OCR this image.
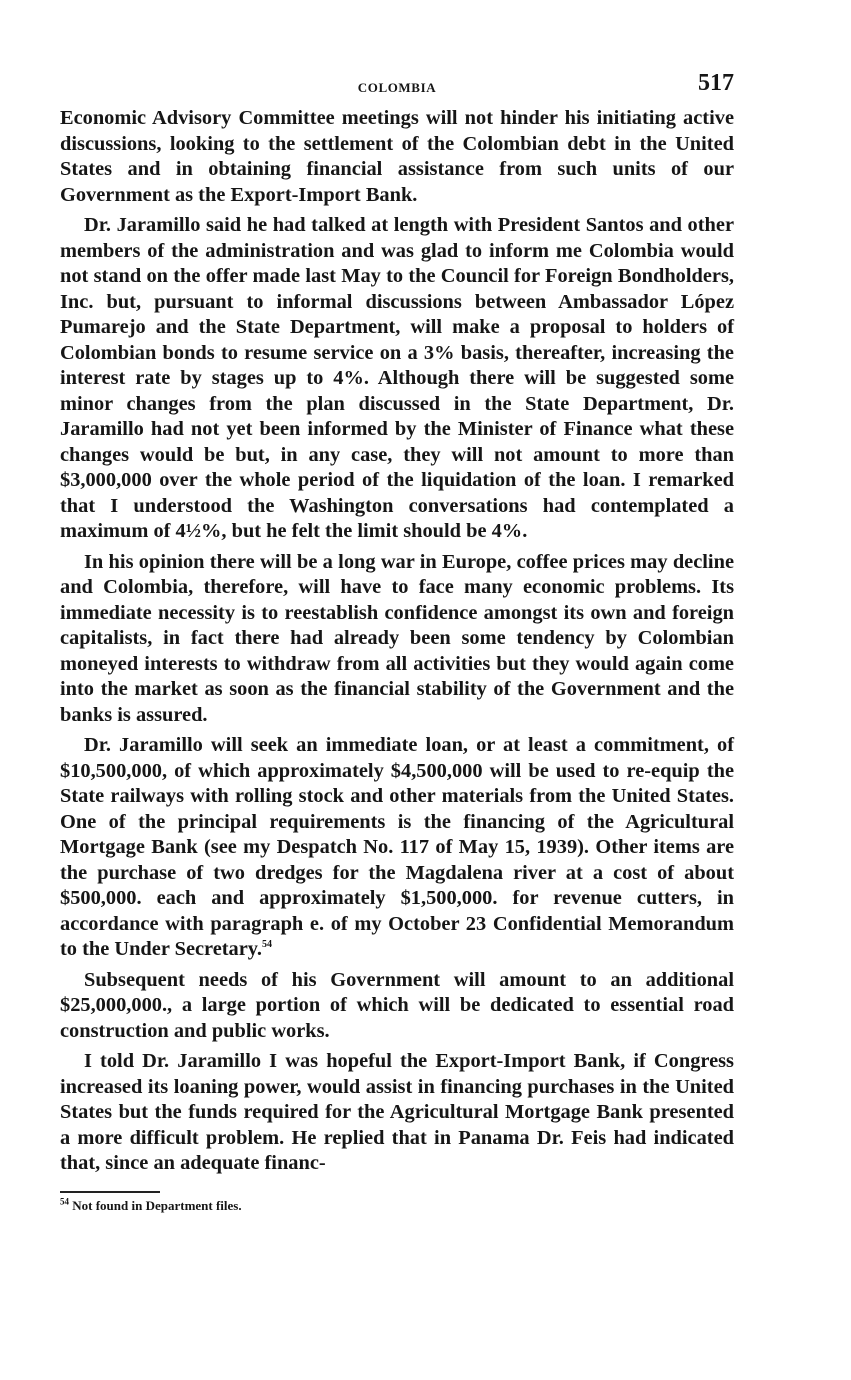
COLOMBIA	517

Economic Advisory Committee meetings will not hinder his initiating active discussions, looking to the settlement of the Colombian debt in the United States and in obtaining financial assistance from such units of our Government as the Export-Import Bank.

Dr. Jaramillo said he had talked at length with President Santos and other members of the administration and was glad to inform me Colombia would not stand on the offer made last May to the Council for Foreign Bondholders, Inc. but, pursuant to informal discussions between Ambassador López Pumarejo and the State Department, will make a proposal to holders of Colombian bonds to resume service on a 3% basis, thereafter, increasing the interest rate by stages up to 4%. Although there will be suggested some minor changes from the plan discussed in the State Department, Dr. Jaramillo had not yet been informed by the Minister of Finance what these changes would be but, in any case, they will not amount to more than $3,000,000 over the whole period of the liquidation of the loan. I remarked that I understood the Washington conversations had contemplated a maximum of 4½%, but he felt the limit should be 4%.

In his opinion there will be a long war in Europe, coffee prices may decline and Colombia, therefore, will have to face many economic problems. Its immediate necessity is to reestablish confidence amongst its own and foreign capitalists, in fact there had already been some tendency by Colombian moneyed interests to withdraw from all activities but they would again come into the market as soon as the financial stability of the Government and the banks is assured.

Dr. Jaramillo will seek an immediate loan, or at least a commitment, of $10,500,000, of which approximately $4,500,000 will be used to re-equip the State railways with rolling stock and other materials from the United States. One of the principal requirements is the financing of the Agricultural Mortgage Bank (see my Despatch No. 117 of May 15, 1939). Other items are the purchase of two dredges for the Magdalena river at a cost of about $500,000. each and approximately $1,500,000. for revenue cutters, in accordance with paragraph e. of my October 23 Confidential Memorandum to the Under Secretary.$^{54}$

Subsequent needs of his Government will amount to an additional $25,000,000., a large portion of which will be dedicated to essential road construction and public works.

I told Dr. Jaramillo I was hopeful the Export-Import Bank, if Congress increased its loaning power, would assist in financing purchases in the United States but the funds required for the Agricultural Mortgage Bank presented a more difficult problem. He replied that in Panama Dr. Feis had indicated that, since an adequate financ-

$^{54}$ Not found in Department files.
